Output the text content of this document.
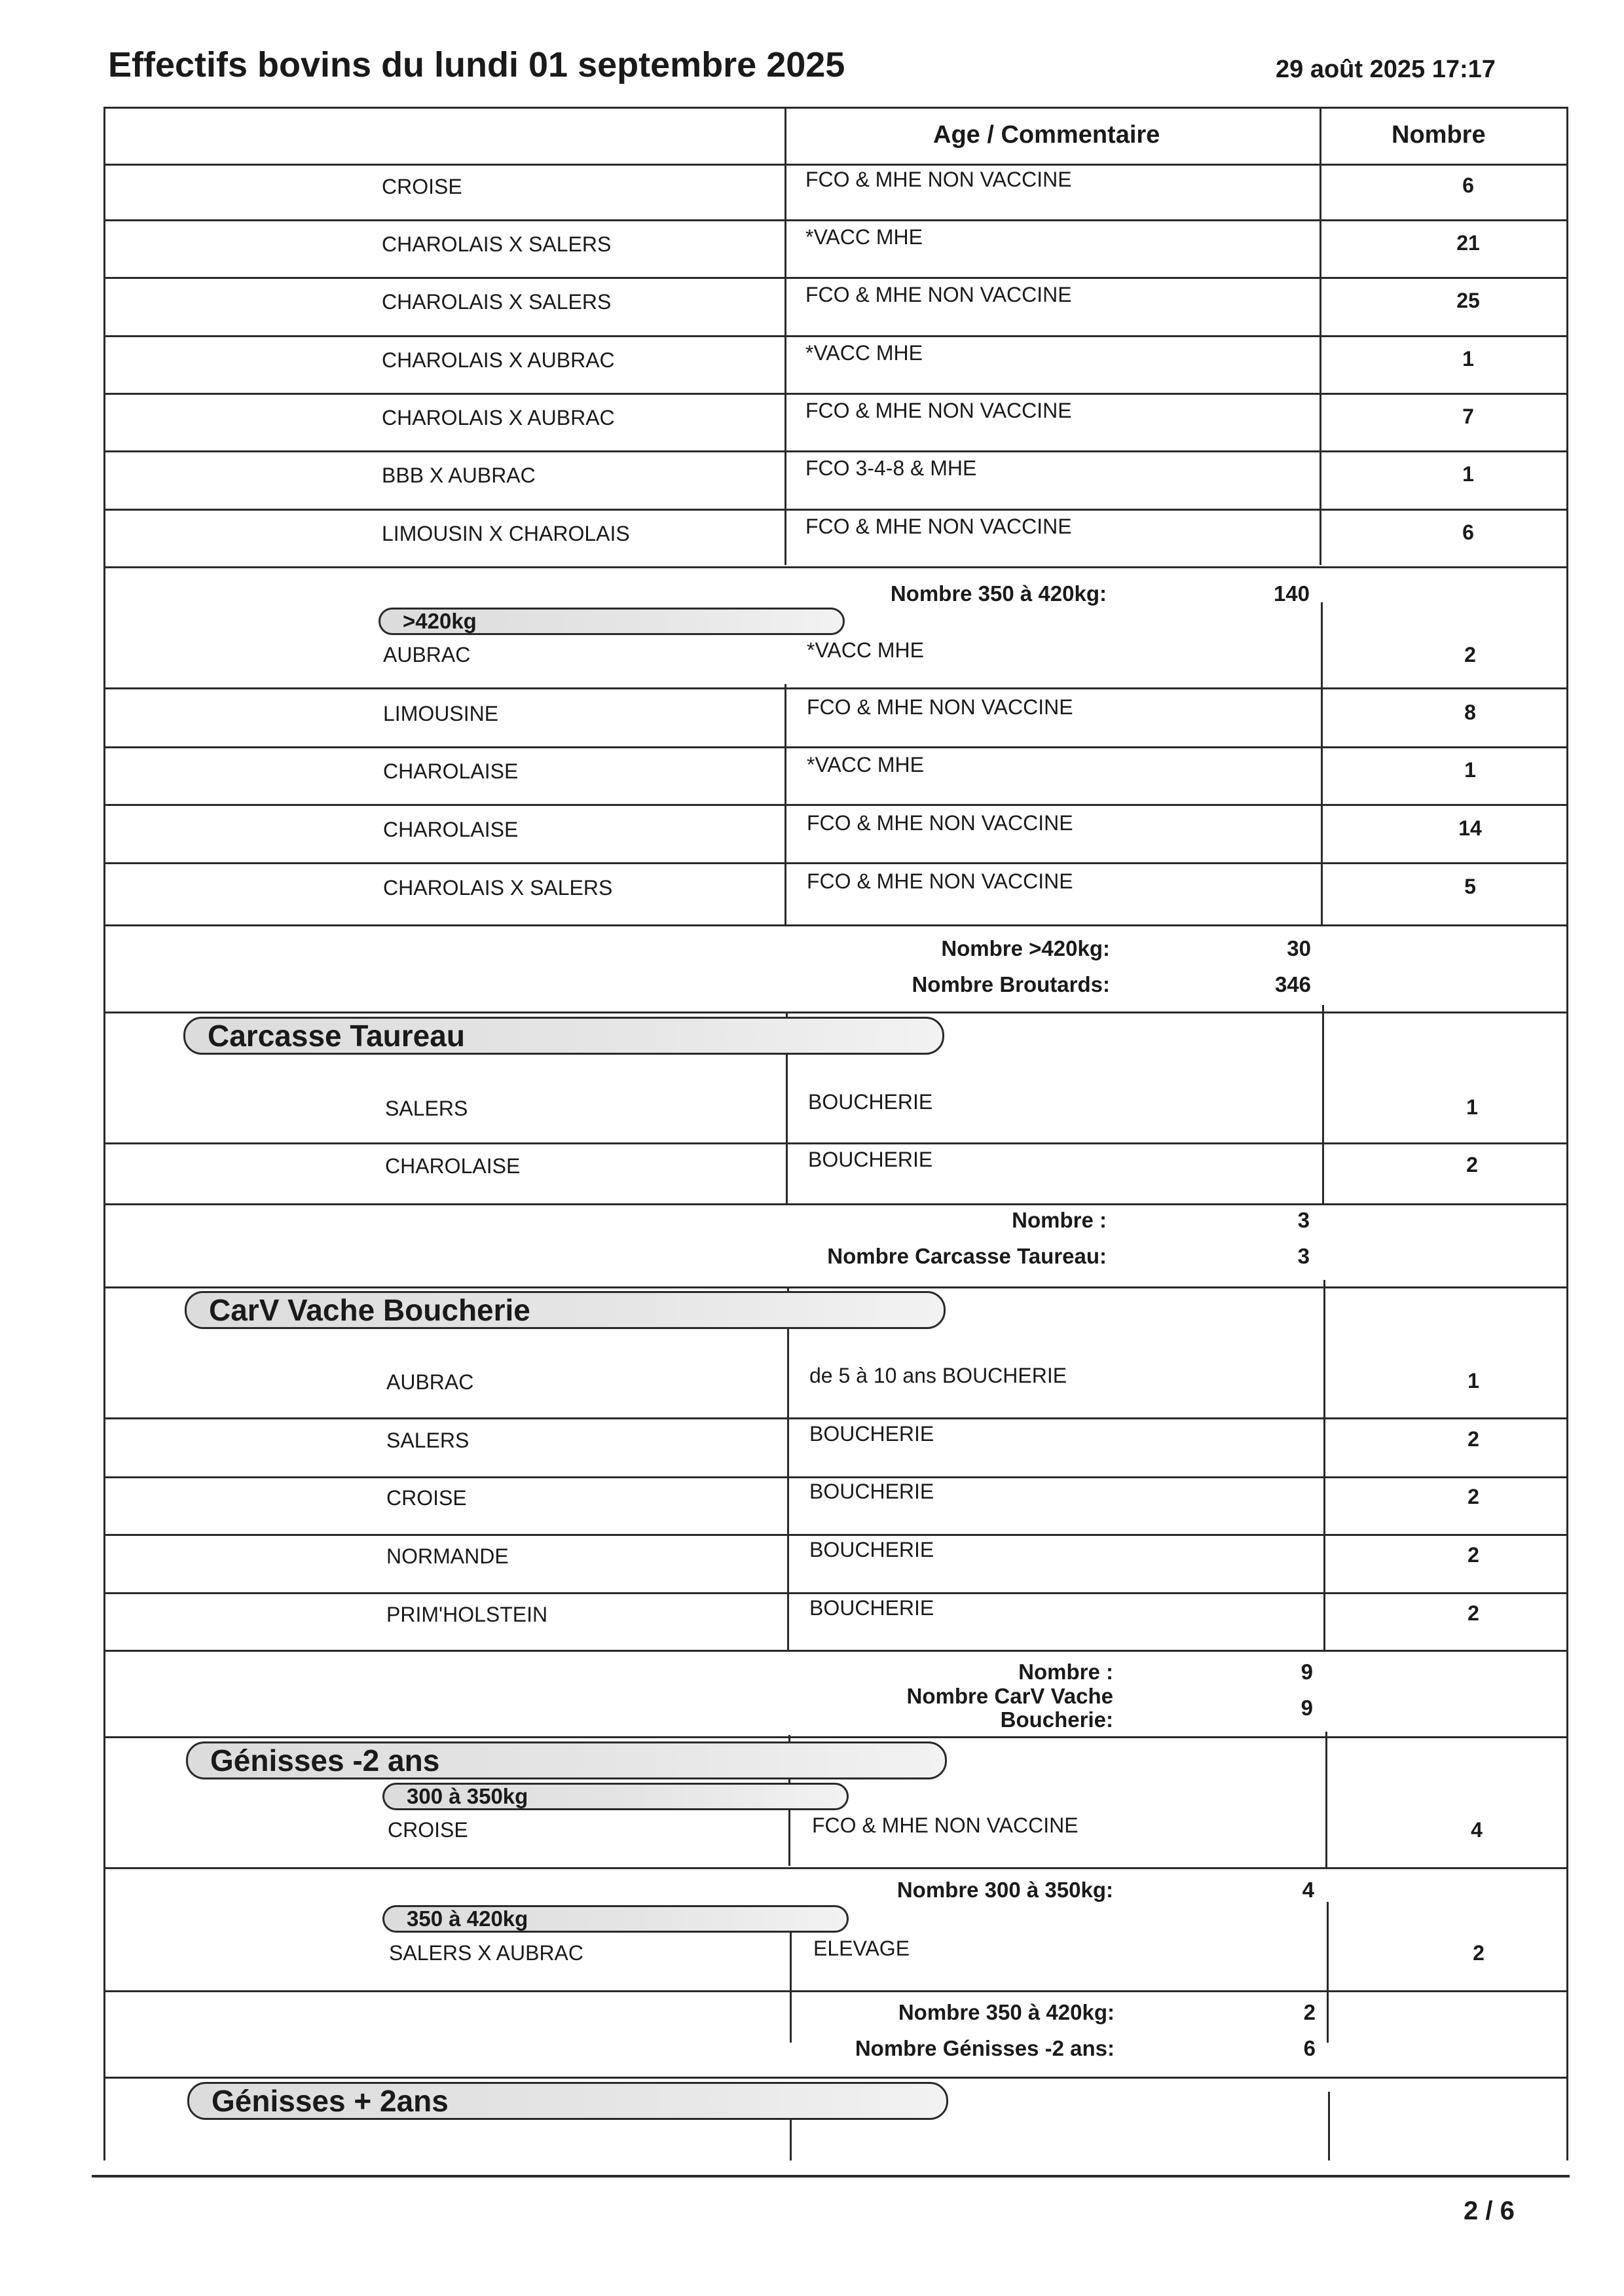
Effectifs bovins du lundi 01 septembre 2025	29 août 2025 17:17
Age / Commentaire	Nombre
CROISE	FCO & MHE NON VACCINE	6
CHAROLAIS X SALERS	*VACC MHE	21
CHAROLAIS X SALERS	FCO & MHE NON VACCINE	25
CHAROLAIS X AUBRAC	*VACC MHE	1
CHAROLAIS X AUBRAC	FCO & MHE NON VACCINE	7
BBB X AUBRAC	FCO 3-4-8 & MHE	1
LIMOUSIN X CHAROLAIS	FCO & MHE NON VACCINE	6
Nombre 350 à 420kg:	140
>420kg
AUBRAC	*VACC MHE	2
LIMOUSINE	FCO & MHE NON VACCINE	8
CHAROLAISE	*VACC MHE	1
CHAROLAISE	FCO & MHE NON VACCINE	14
CHAROLAIS X SALERS	FCO & MHE NON VACCINE	5
Nombre >420kg:	30
Nombre Broutards:	346
Carcasse Taureau
SALERS	BOUCHERIE	1
CHAROLAISE	BOUCHERIE	2
Nombre :	3
Nombre Carcasse Taureau:	3
CarV Vache Boucherie
AUBRAC	de 5 à 10 ans BOUCHERIE	1
SALERS	BOUCHERIE	2
CROISE	BOUCHERIE	2
NORMANDE	BOUCHERIE	2
PRIM'HOLSTEIN	BOUCHERIE	2
Nombre :	9
Nombre CarV Vache
Boucherie:	9
Génisses -2 ans
300 à 350kg
CROISE	FCO & MHE NON VACCINE	4
Nombre 300 à 350kg:	4
350 à 420kg
SALERS X AUBRAC	ELEVAGE	2
Nombre 350 à 420kg:	2
Nombre Génisses -2 ans:	6
Génisses + 2ans
2 / 6
